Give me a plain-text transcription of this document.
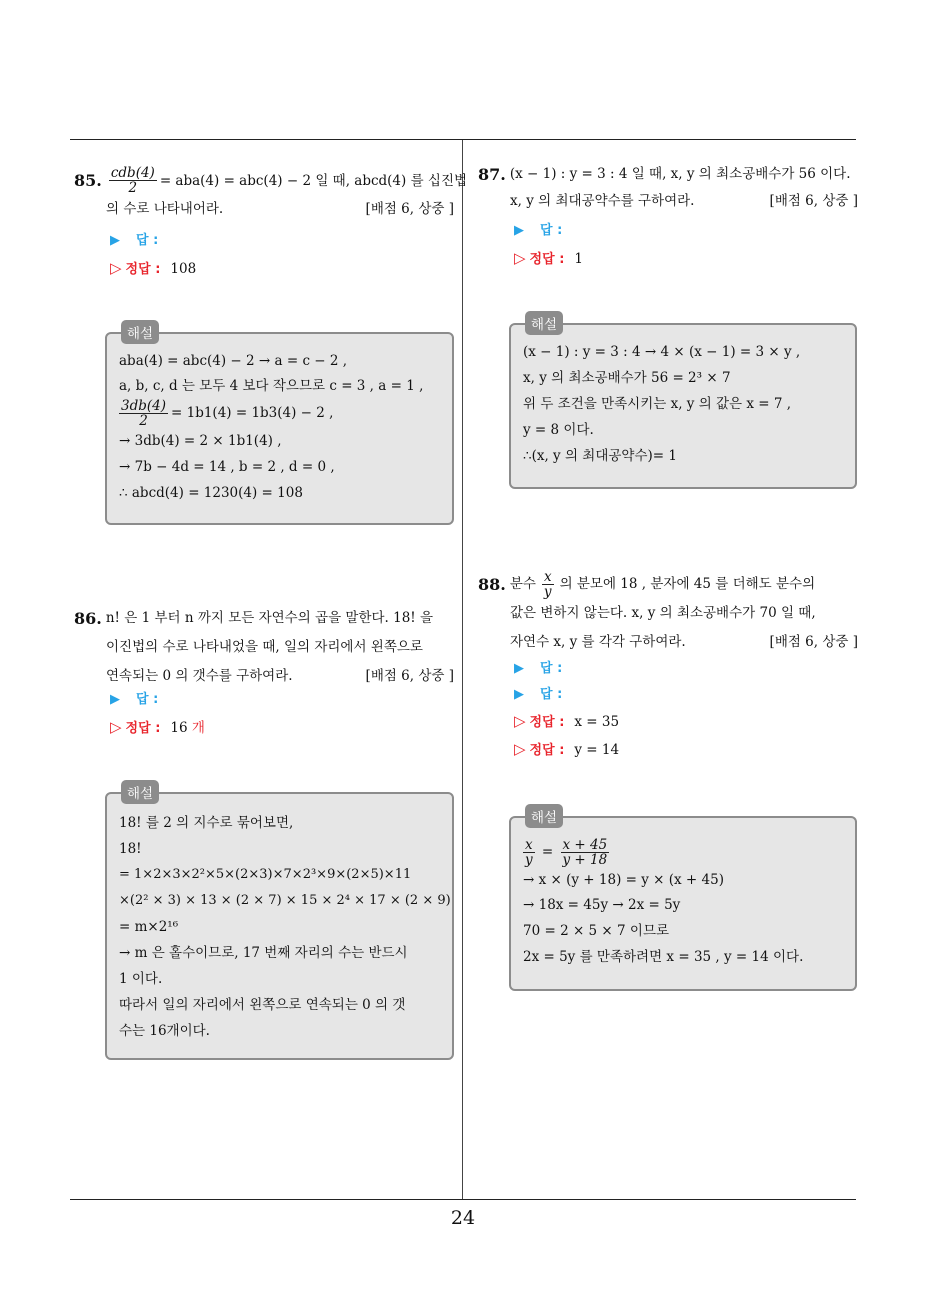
24
85. $\frac{\text{cdb(4)}}{2} = aba(4) = abc(4) - 2$ 일 때, abcd(4) 를 십진법
의 수로 나타내어라.	[배점 6, 상중 ]
▶ 답 :
▷ 정답 : 108
해설
aba(4) = abc(4) − 2 → a = c − 2 ,
a, b, c, d 는 모두 4 보다 작으므로 c = 3 , a = 1 ,
$\frac{3db(4)}{2} = 1b1(4) = 1b3(4) - 2$ ,
→ 3db(4) = 2 × 1b1(4) ,
→ 7b − 4d = 14 , b = 2 , d = 0 ,
∴ abcd(4) = 1230(4) = 108
86. n! 은 1 부터 n 까지 모든 자연수의 곱을 말한다. 18! 을
이진법의 수로 나타내었을 때, 일의 자리에서 왼쪽으로
연속되는 0 의 갯수를 구하여라.	[배점 6, 상중 ]
▶ 답 :
▷ 정답 : 16 개
해설
18! 를 2 의 지수로 묶어보면,
18!
= 1×2×3×2²×5×(2×3)×7×2³×9×(2×5)×11
×(2² × 3) × 13 × (2 × 7) × 15 × 2⁴ × 17 × (2 × 9)
= m×2¹⁶
→ m 은 홀수이므로, 17 번째 자리의 수는 반드시
1 이다.
따라서 일의 자리에서 왼쪽으로 연속되는 0 의 갯
수는 16개이다.
87. (x − 1) : y = 3 : 4 일 때, x, y 의 최소공배수가 56 이다.
x, y 의 최대공약수를 구하여라.	[배점 6, 상중 ]
▶ 답 :
▷ 정답 : 1
해설
(x − 1) : y = 3 : 4 → 4 × (x − 1) = 3 × y ,
x, y 의 최소공배수가 56 = 2³ × 7
위 두 조건을 만족시키는 x, y 의 값은 x = 7 ,
y = 8 이다.
∴(x, y 의 최대공약수)= 1
88. 분수 $\frac{x}{y}$ 의 분모에 18 , 분자에 45 를 더해도 분수의
값은 변하지 않는다. x, y 의 최소공배수가 70 일 때,
자연수 x, y 를 각각 구하여라.	[배점 6, 상중 ]
▶ 답 :
▶ 답 :
▷ 정답 : x = 35
▷ 정답 : y = 14
해설
$\frac{x}{y} = \frac{x + 45}{y + 18}$
→ x × (y + 18) = y × (x + 45)
→ 18x = 45y → 2x = 5y
70 = 2 × 5 × 7 이므로
2x = 5y 를 만족하려면 x = 35 , y = 14 이다.
